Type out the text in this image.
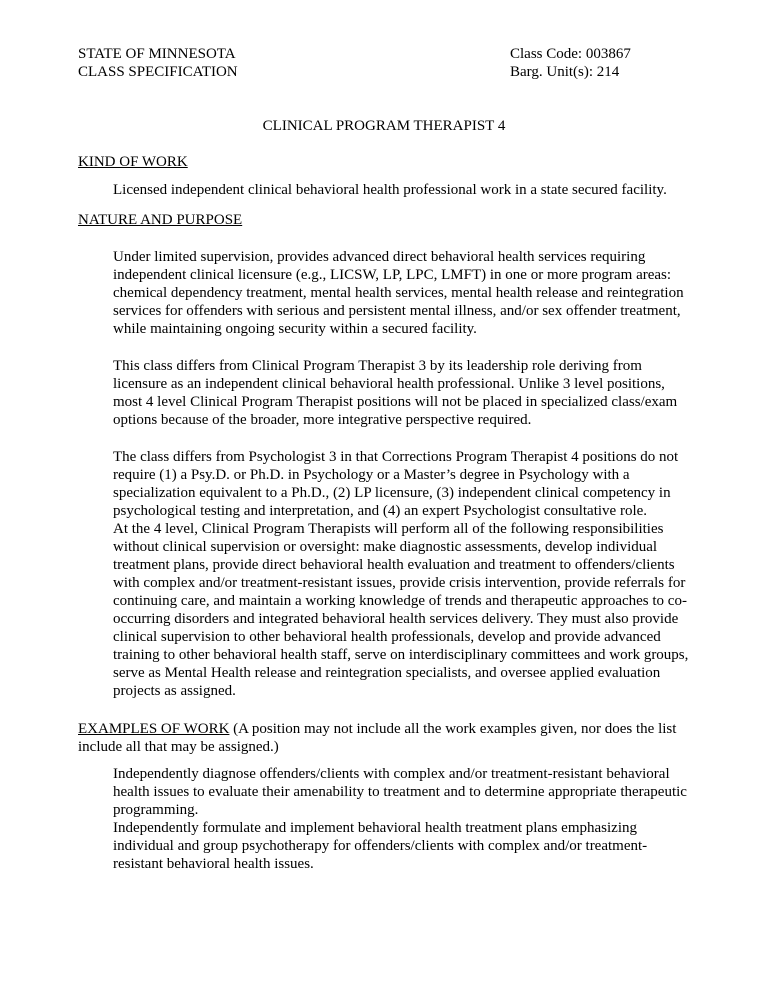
STATE OF MINNESOTA
CLASS SPECIFICATION
Class Code: 003867
Barg. Unit(s): 214
CLINICAL PROGRAM THERAPIST 4
KIND OF WORK
Licensed independent clinical behavioral health professional work in a state secured facility.
NATURE AND PURPOSE
Under limited supervision, provides advanced direct behavioral health services requiring
independent clinical licensure (e.g., LICSW, LP, LPC, LMFT) in one or more program areas:
chemical dependency treatment, mental health services, mental health release and reintegration
services for offenders with serious and persistent mental illness, and/or sex offender treatment,
while maintaining ongoing security within a secured facility.
This class differs from Clinical Program Therapist 3 by its leadership role deriving from
licensure as an independent clinical behavioral health professional. Unlike 3 level positions,
most 4 level Clinical Program Therapist positions will not be placed in specialized class/exam
options because of the broader, more integrative perspective required.
The class differs from Psychologist 3 in that Corrections Program Therapist 4 positions do not
require (1) a Psy.D. or Ph.D. in Psychology or a Master’s degree in Psychology with a
specialization equivalent to a Ph.D., (2) LP licensure, (3) independent clinical competency in
psychological testing and interpretation, and (4) an expert Psychologist consultative role.
At the 4 level, Clinical Program Therapists will perform all of the following responsibilities
without clinical supervision or oversight: make diagnostic assessments, develop individual
treatment plans, provide direct behavioral health evaluation and treatment to offenders/clients
with complex and/or treatment-resistant issues, provide crisis intervention, provide referrals for
continuing care, and maintain a working knowledge of trends and therapeutic approaches to co-
occurring disorders and integrated behavioral health services delivery. They must also provide
clinical supervision to other behavioral health professionals, develop and provide advanced
training to other behavioral health staff, serve on interdisciplinary committees and work groups,
serve as Mental Health release and reintegration specialists, and oversee applied evaluation
projects as assigned.
EXAMPLES OF WORK (A position may not include all the work examples given, nor does the list
include all that may be assigned.)
Independently diagnose offenders/clients with complex and/or treatment-resistant behavioral
health issues to evaluate their amenability to treatment and to determine appropriate therapeutic
programming.
Independently formulate and implement behavioral health treatment plans emphasizing
individual and group psychotherapy for offenders/clients with complex and/or treatment-
resistant behavioral health issues.
